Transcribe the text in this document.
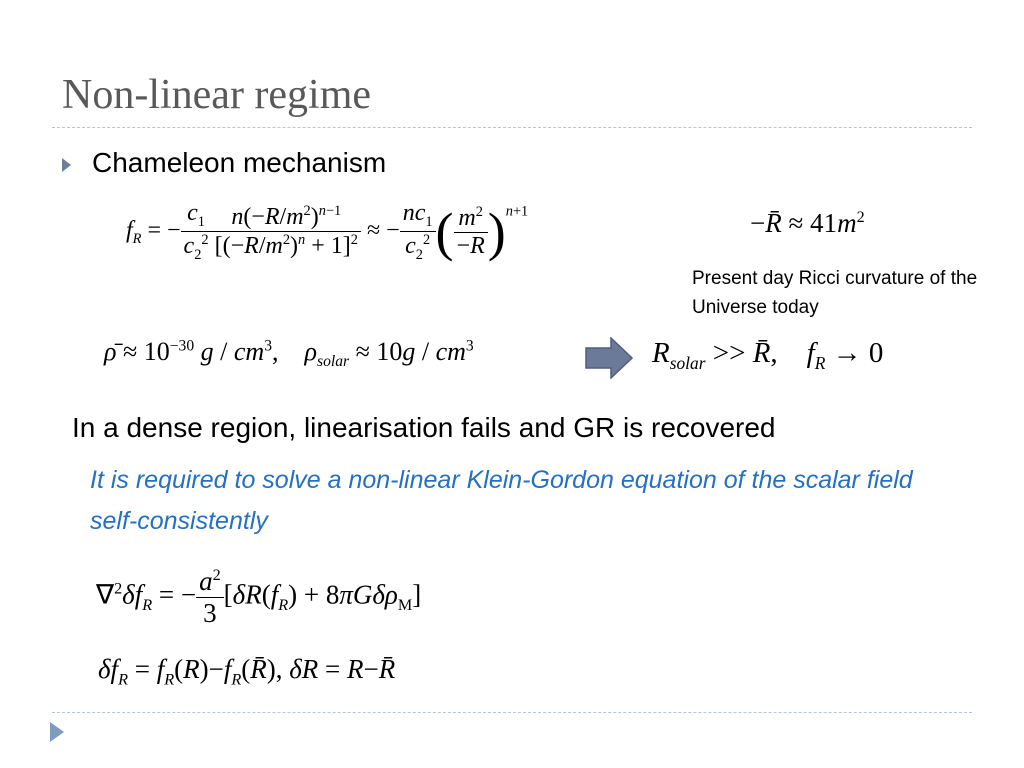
Non-linear regime
Chameleon mechanism
$f_R$ = − $\frac{c_1}{c_2^2} \frac{n(-R/m^2)^{n-1}}{[(-R/m^2)^n + 1]^2}$ ≈ − $\frac{nc_1}{c_2^2}$ ( $\frac{m^2}{-R} )^{n+1}$	−R̄ ≈ $41m^2$
Present day Ricci curvature of the Universe today
ρ̄ ≈ $10^{-30}$ g / $cm^3$,    $\rho_{solar} \approx 10g / cm^3$	$R_{solar}$ >> R̄,    $f_R \to 0$
In a dense region, linearisation fails and GR is recovered
It is required to solve a non-linear Klein-Gordon equation of the scalar field self-consistently
$\nabla^2\delta f_R$ = − $\frac{a^2}{3} [\delta R(f_R) + 8\pi G\delta\rho_M]$
$\delta f_R$ = $f_R(R)-f_R(R̄)$, δR = R−R̄
